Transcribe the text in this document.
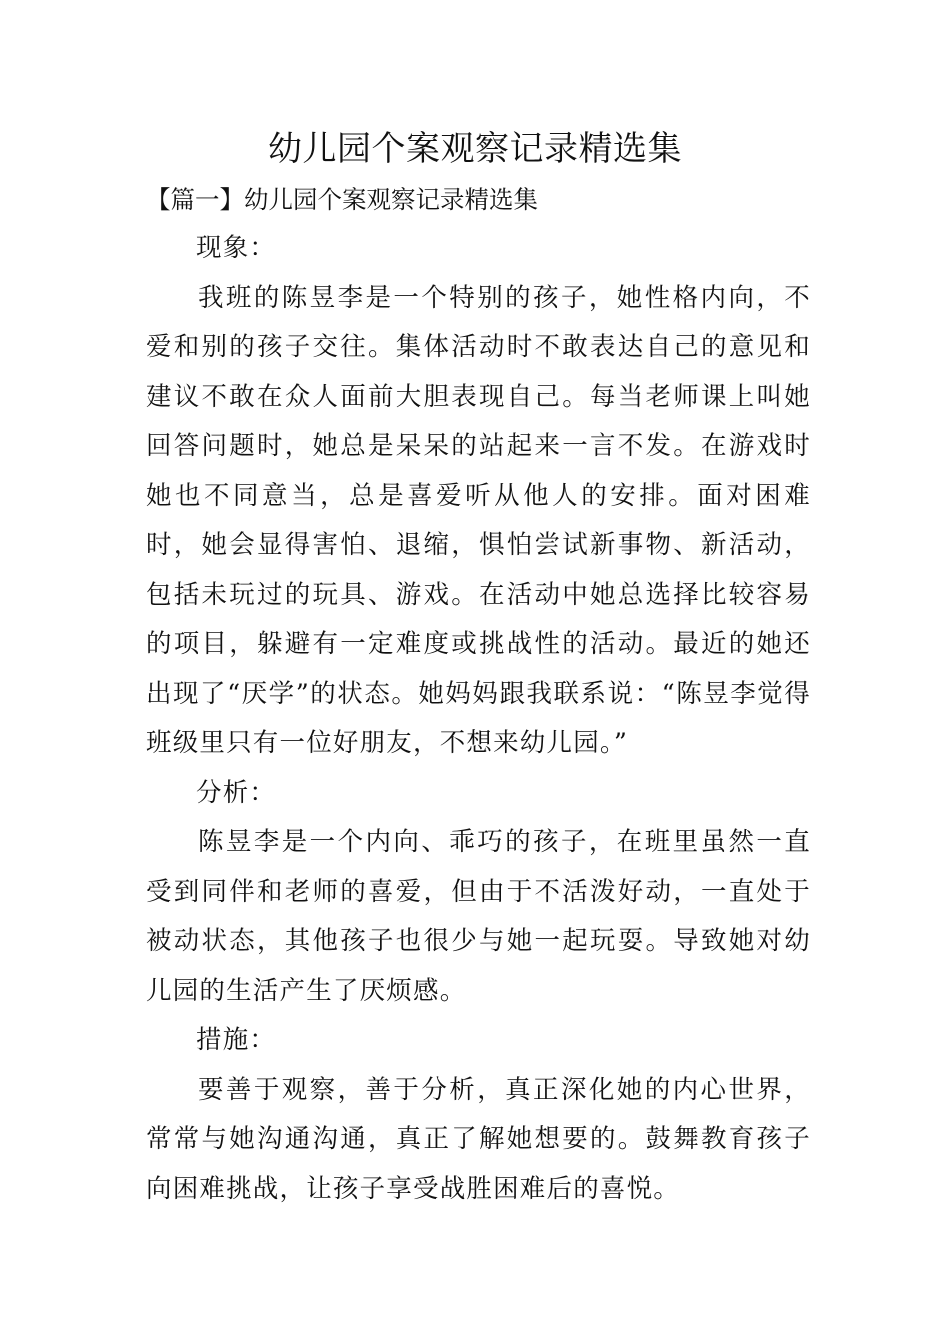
幼儿园个案观察记录精选集
【篇一】幼儿园个案观察记录精选集

现象：

我班的陈昱李是一个特别的孩子，她性格内向，不爱和别的孩子交往。集体活动时不敢表达自己的意见和建议不敢在众人面前大胆表现自己。每当老师课上叫她回答问题时，她总是呆呆的站起来一言不发。在游戏时她也不同意当，总是喜爱听从他人的安排。面对困难时，她会显得害怕、退缩，惧怕尝试新事物、新活动，包括未玩过的玩具、游戏。在活动中她总选择比较容易的项目，躲避有一定难度或挑战性的活动。最近的她还出现了“厌学”的状态。她妈妈跟我联系说：“陈昱李觉得班级里只有一位好朋友，不想来幼儿园。”

分析：

陈昱李是一个内向、乖巧的孩子，在班里虽然一直受到同伴和老师的喜爱，但由于不活泼好动，一直处于被动状态，其他孩子也很少与她一起玩耍。导致她对幼儿园的生活产生了厌烦感。

措施：

要善于观察，善于分析，真正深化她的内心世界，常常与她沟通沟通，真正了解她想要的。鼓舞教育孩子向困难挑战，让孩子享受战胜困难后的喜悦。
